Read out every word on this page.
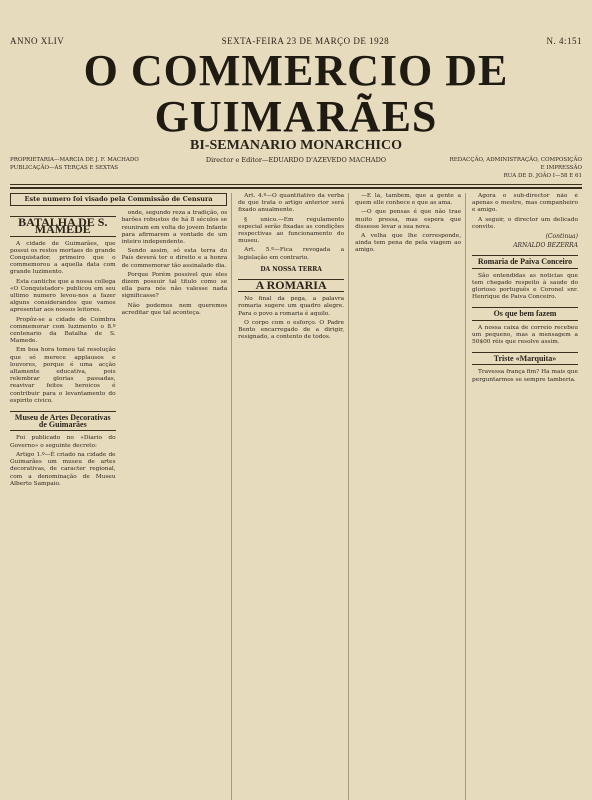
ANNO XLIV	SEXTA-FEIRA 23 DE MARÇO DE 1928	N. 4:151
O COMMERCIO DE GUIMARÃES
BI-SEMANARIO MONARCHICO
PROPRIETARIA—MARCIA DE J. F. MACHADO
PUBLICAÇÃO—ÁS TERÇAS E SEXTAS
Director e Editor—EDUARDO D'AZEVEDO MACHADO	REDACÇÃO, ADMINISTRAÇÃO, COMPOSIÇÃO
E IMPRESSÃO
RUA DE D. JOÃO I—58 E 61
Este numero foi visado pela Commissão de Censura
BATALHA DE S. MAMEDE

A cidade de Guimarães, que possui os restos mortaes do grande Conquistador, primeiro que o commemorou a aquella data com grande luzimento.

Esta cantiche que a nossa collega «O Conquistador» publicou em seu ultimo numero levou-nos a fazer alguns considerandos que vamos apresentar aos nossos leitores.

Propôz-se a cidade de Coimbra commemorar com luzimento o 8.º centenario da Batalha de S. Mamede.

Em boa hora tomou tal resolução que só merece applausos e louvores, porque é uma acção altamente educativa, pois relembrar glorias passadas, reavivar feitos heroicos é contribuir para o levantamento do espirito civico.

Museu de Artes Decorativas de Guimarães

Foi publicado no «Diario do Governo» o seguinte decreto:

Artigo 1.º—É criado na cidade de Guimarães um museu de artes decorativas, de caracter regional, com a denominação de Museu Alberto Sampaio.

onde, segundo reza a tradição, os barões robustos de há 8 séculos se reuniram em volta do jovem Infante para afirmarem a vontade de um inteiro independente.

Sendo assim, só esta terra do País deverá ter o direito e a honra de commemorar tão assinalado dia.

Porque Porém possivel que eles dizem possuir tal titulo como se ella para nós não valesse nada significasse?

Não podemos nem queremos acreditar que tal aconteça.

Art. 4.º—O quantitativo da verba de que trata o artigo anterior será fixado anualmente.

§ unico.—Em regulamento especial serão fixadas as condições respectivas ao funcionamento do museu.

Art. 5.º—Fica revogada a legislação em contrario.

DA NOSSA TERRA
A ROMARIA

No final da pega, a palavra romaria sugere um quadro alegre. Para o povo a romaria é aquilo.

O corpo com o esforço. O Padre Bento encarregado de a dirigir, resignado, a contento de todos.

—É lá, tambem, que a gente a quem elle conhece e que as ama.

—O que pensas é que não trae muito pressa, mas espera que dissesse levar a sua nova.

A velha que lhe corresponde, ainda tem pena de pela viagem ao amigo.

Agora o sub-director não é apenas o mestre, mas companheiro e amigo.

A seguir, o director um delicado convite.

(Continua)
ARNALDO BEZERRA
Romaria de Paiva Conceiro

São entendidas as noticias que tem chegado respeito à saude do glorioso português e Coronel snr. Henrique de Paiva Conceiro.

Os que bem fazem

A nossa caixa de correio recebeu um pequeno, mas a mensagem a 50$00 réis que resolve assim.

Triste «Marquita»

Travessa frança fim? Ha mais que perguntarmos se sempre tamberia.
